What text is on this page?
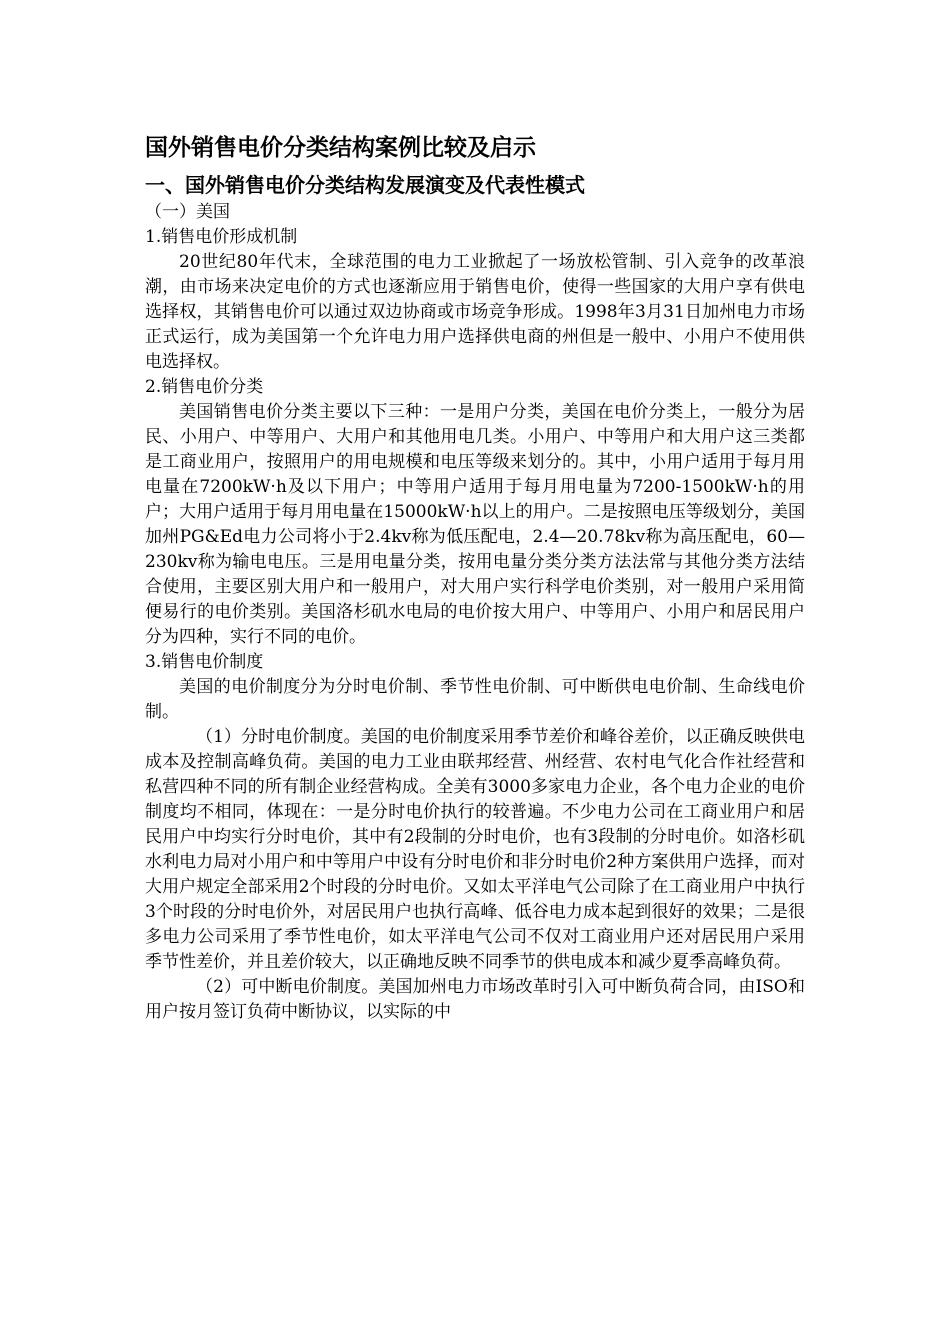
国外销售电价分类结构案例比较及启示
一、国外销售电价分类结构发展演变及代表性模式
（一）美国
1.销售电价形成机制
20世纪80年代末，全球范围的电力工业掀起了一场放松管制、引入竞争的改革浪潮，由市场来决定电价的方式也逐渐应用于销售电价，使得一些国家的大用户享有供电选择权，其销售电价可以通过双边协商或市场竞争形成。1998年3月31日加州电力市场正式运行，成为美国第一个允许电力用户选择供电商的州但是一般中、小用户不使用供电选择权。
2.销售电价分类
美国销售电价分类主要以下三种：一是用户分类，美国在电价分类上，一般分为居民、小用户、中等用户、大用户和其他用电几类。小用户、中等用户和大用户这三类都是工商业用户，按照用户的用电规模和电压等级来划分的。其中，小用户适用于每月用电量在7200kW·h及以下用户；中等用户适用于每月用电量为7200-1500kW·h的用户；大用户适用于每月用电量在15000kW·h以上的用户。二是按照电压等级划分，美国加州PG&Ed电力公司将小于2.4kv称为低压配电，2.4—20.78kv称为高压配电，60—230kv称为输电电压。三是用电量分类，按用电量分类分类方法法常与其他分类方法结合使用，主要区别大用户和一般用户，对大用户实行科学电价类别，对一般用户采用简便易行的电价类别。美国洛杉矶水电局的电价按大用户、中等用户、小用户和居民用户分为四种，实行不同的电价。
3.销售电价制度
美国的电价制度分为分时电价制、季节性电价制、可中断供电电价制、生命线电价制。
（1）分时电价制度。美国的电价制度采用季节差价和峰谷差价，以正确反映供电成本及控制高峰负荷。美国的电力工业由联邦经营、州经营、农村电气化合作社经营和私营四种不同的所有制企业经营构成。全美有3000多家电力企业，各个电力企业的电价制度均不相同，体现在：一是分时电价执行的较普遍。不少电力公司在工商业用户和居民用户中均实行分时电价，其中有2段制的分时电价，也有3段制的分时电价。如洛杉矶水利电力局对小用户和中等用户中设有分时电价和非分时电价2种方案供用户选择，而对大用户规定全部采用2个时段的分时电价。又如太平洋电气公司除了在工商业用户中执行3个时段的分时电价外，对居民用户也执行高峰、低谷电力成本起到很好的效果；二是很多电力公司采用了季节性电价，如太平洋电气公司不仅对工商业用户还对居民用户采用季节性差价，并且差价较大，以正确地反映不同季节的供电成本和减少夏季高峰负荷。
（2）可中断电价制度。美国加州电力市场改革时引入可中断负荷合同，由ISO和用户按月签订负荷中断协议，以实际的中
